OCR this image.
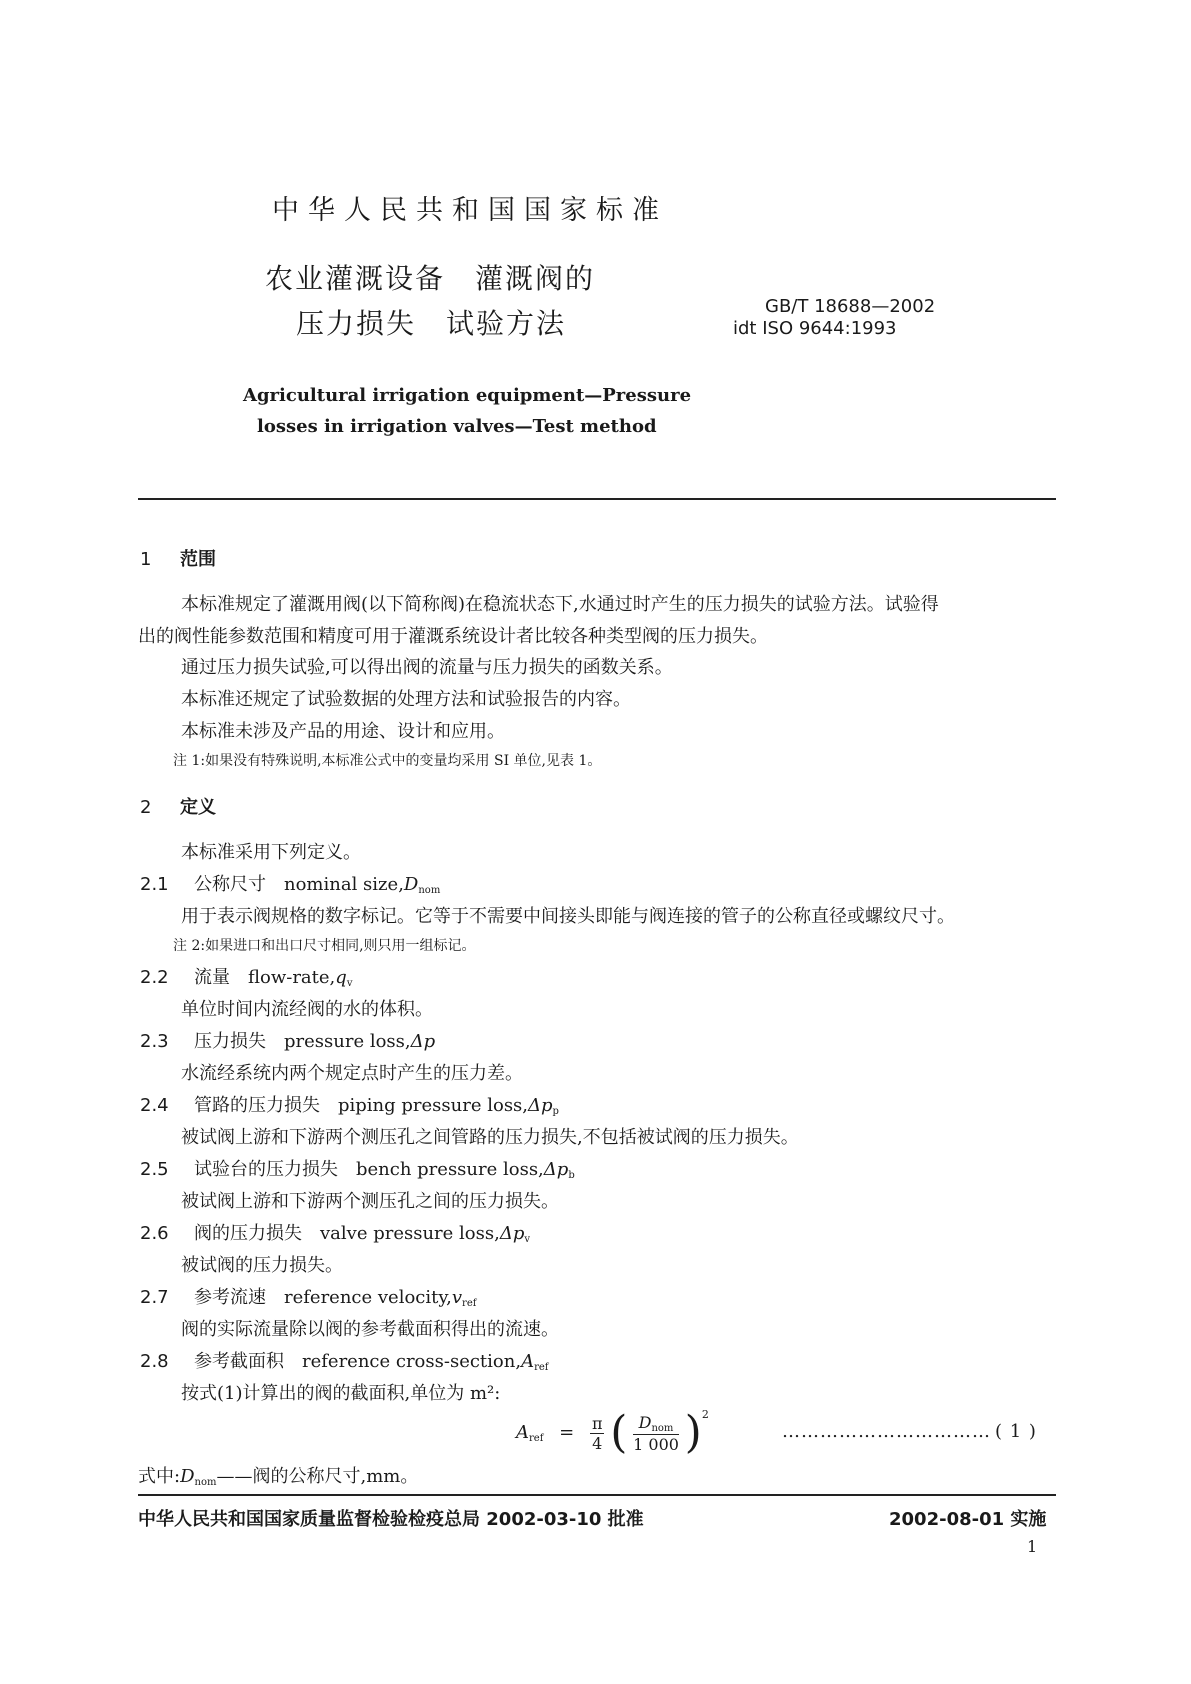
中华人民共和国国家标准
农业灌溉设备　灌溉阀的
压力损失　试验方法
GB/T 18688—2002
idt ISO 9644:1993
Agricultural irrigation equipment—Pressure
losses in irrigation valves—Test method
1 范围
本标准规定了灌溉用阀(以下简称阀)在稳流状态下,水通过时产生的压力损失的试验方法。试验得
出的阀性能参数范围和精度可用于灌溉系统设计者比较各种类型阀的压力损失。
通过压力损失试验,可以得出阀的流量与压力损失的函数关系。
本标准还规定了试验数据的处理方法和试验报告的内容。
本标准未涉及产品的用途、设计和应用。
注 1:如果没有特殊说明,本标准公式中的变量均采用 SI 单位,见表 1。
2 定义
本标准采用下列定义。
2.1 公称尺寸 nominal $size,D_{nom}$
用于表示阀规格的数字标记。它等于不需要中间接头即能与阀连接的管子的公称直径或螺纹尺寸。
注 2:如果进口和出口尺寸相同,则只用一组标记。
2.2 流量 flow-$rate,q_v$
单位时间内流经阀的水的体积。
2.3 压力损失 pressure loss,Δp
水流经系统内两个规定点时产生的压力差。
2.4 管路的压力损失 piping pressure $loss,\Delta p_p$
被试阀上游和下游两个测压孔之间管路的压力损失,不包括被试阀的压力损失。
2.5 试验台的压力损失 bench pressure $loss,\Delta p_b$
被试阀上游和下游两个测压孔之间的压力损失。
2.6 阀的压力损失 valve pressure $loss,\Delta p_v$
被试阀的压力损失。
2.7 参考流速 reference $velocity,v_{ref}$
阀的实际流量除以阀的参考截面积得出的流速。
2.8 参考截面积 reference cross-$section,A_{ref}$
按式(1)计算出的阀的截面积,单位为 m²:
$A_{ref} = \frac{\pi}{4}$ ( $\frac{D_{nom}}{1 000} )^2$
…………………………… ( 1 )
式中$:D_{nom}——$阀的公称尺寸,mm。
中华人民共和国国家质量监督检验检疫总局 2002-03-10 批准	2002-08-01 实施
1
